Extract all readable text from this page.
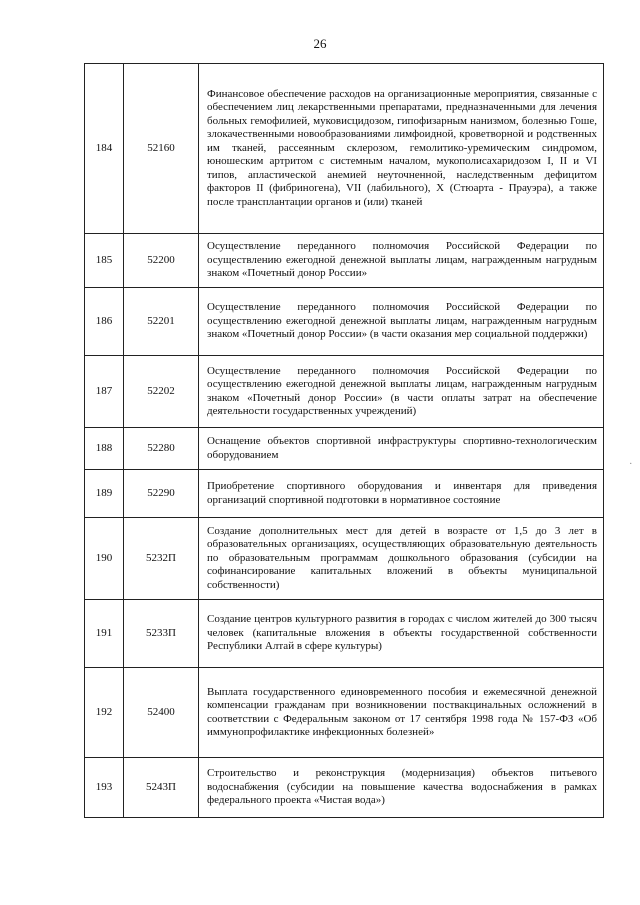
26
184	52160	Финансовое обеспечение расходов на организационные мероприятия, связанные с обеспечением лиц лекарственными препаратами, предназначенными для лечения больных гемофилией, муковисцидозом, гипофизарным нанизмом, болезнью Гоше, злокачественными новообразованиями лимфоидной, кроветворной и родственных им тканей, рассеянным склерозом, гемолитико-уремическим синдромом, юношеским артритом с системным началом, мукополисахаридозом I, II и VI типов, апластической анемией неуточненной, наследственным дефицитом факторов II (фибриногена), VII (лабильного), X (Стюарта - Прауэра), а также после трансплантации органов и (или) тканей
185	52200	Осуществление переданного полномочия Российской Федерации по осуществлению ежегодной денежной выплаты лицам, награжденным нагрудным знаком «Почетный донор России»
186	52201	Осуществление переданного полномочия Российской Федерации по осуществлению ежегодной денежной выплаты лицам, награжденным нагрудным знаком «Почетный донор России» (в части оказания мер социальной поддержки)
187	52202	Осуществление переданного полномочия Российской Федерации по осуществлению ежегодной денежной выплаты лицам, награжденным нагрудным знаком «Почетный донор России» (в части оплаты затрат на обеспечение деятельности государственных учреждений)
188	52280	Оснащение объектов спортивной инфраструктуры спортивно-технологическим оборудованием
189	52290	Приобретение спортивного оборудования и инвентаря для приведения организаций спортивной подготовки в нормативное состояние
190	5232П	Создание дополнительных мест для детей в возрасте от 1,5 до 3 лет в образовательных организациях, осуществляющих образовательную деятельность по образовательным программам дошкольного образования (субсидии на софинансирование капитальных вложений в объекты муниципальной собственности)
191	5233П	Создание центров культурного развития в городах с числом жителей до 300 тысяч человек (капитальные вложения в объекты государственной собственности Республики Алтай в сфере культуры)
192	52400	Выплата государственного единовременного пособия и ежемесячной денежной компенсации гражданам при возникновении поствакцинальных осложнений в соответствии с Федеральным законом от 17 сентября 1998 года № 157-ФЗ «Об иммунопрофилактике инфекционных болезней»
193	5243П	Строительство и реконструкция (модернизация) объектов питьевого водоснабжения (субсидии на повышение качества водоснабжения в рамках федерального проекта «Чистая вода»)
.
